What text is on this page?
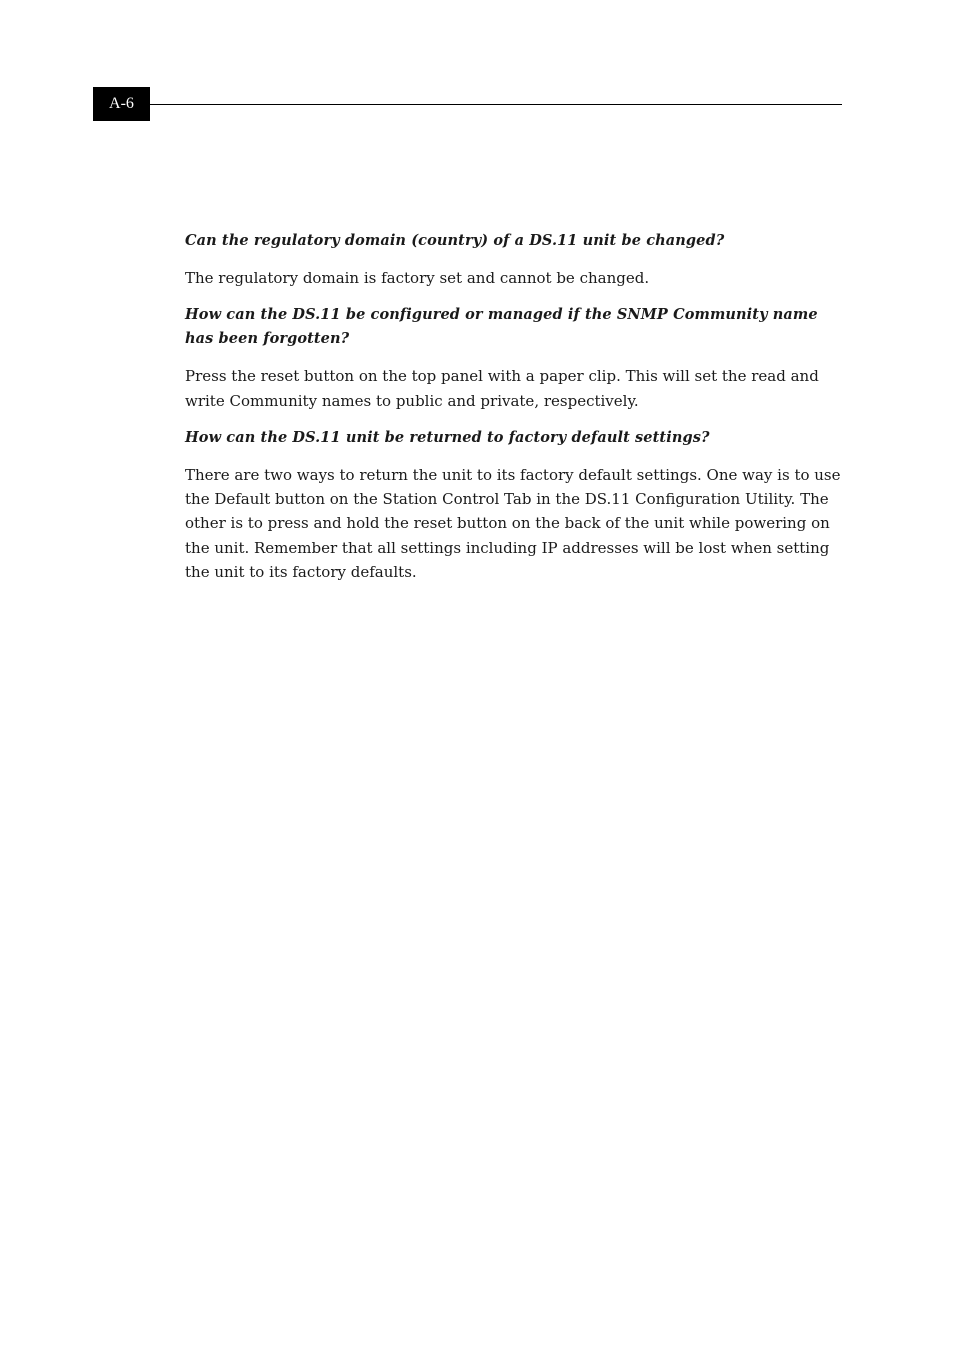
A-6

Can the regulatory domain (country) of a DS.11 unit be changed?

The regulatory domain is factory set and cannot be changed.

How can the DS.11 be configured or managed if the SNMP Community name has been forgotten?

Press the reset button on the top panel with a paper clip. This will set the read and write Community names to public and private, respectively.

How can the DS.11 unit be returned to factory default settings?

There are two ways to return the unit to its factory default settings. One way is to use the Default button on the Station Control Tab in the DS.11 Configuration Utility. The other is to press and hold the reset button on the back of the unit while powering on the unit. Remember that all settings including IP addresses will be lost when setting the unit to its factory defaults.
